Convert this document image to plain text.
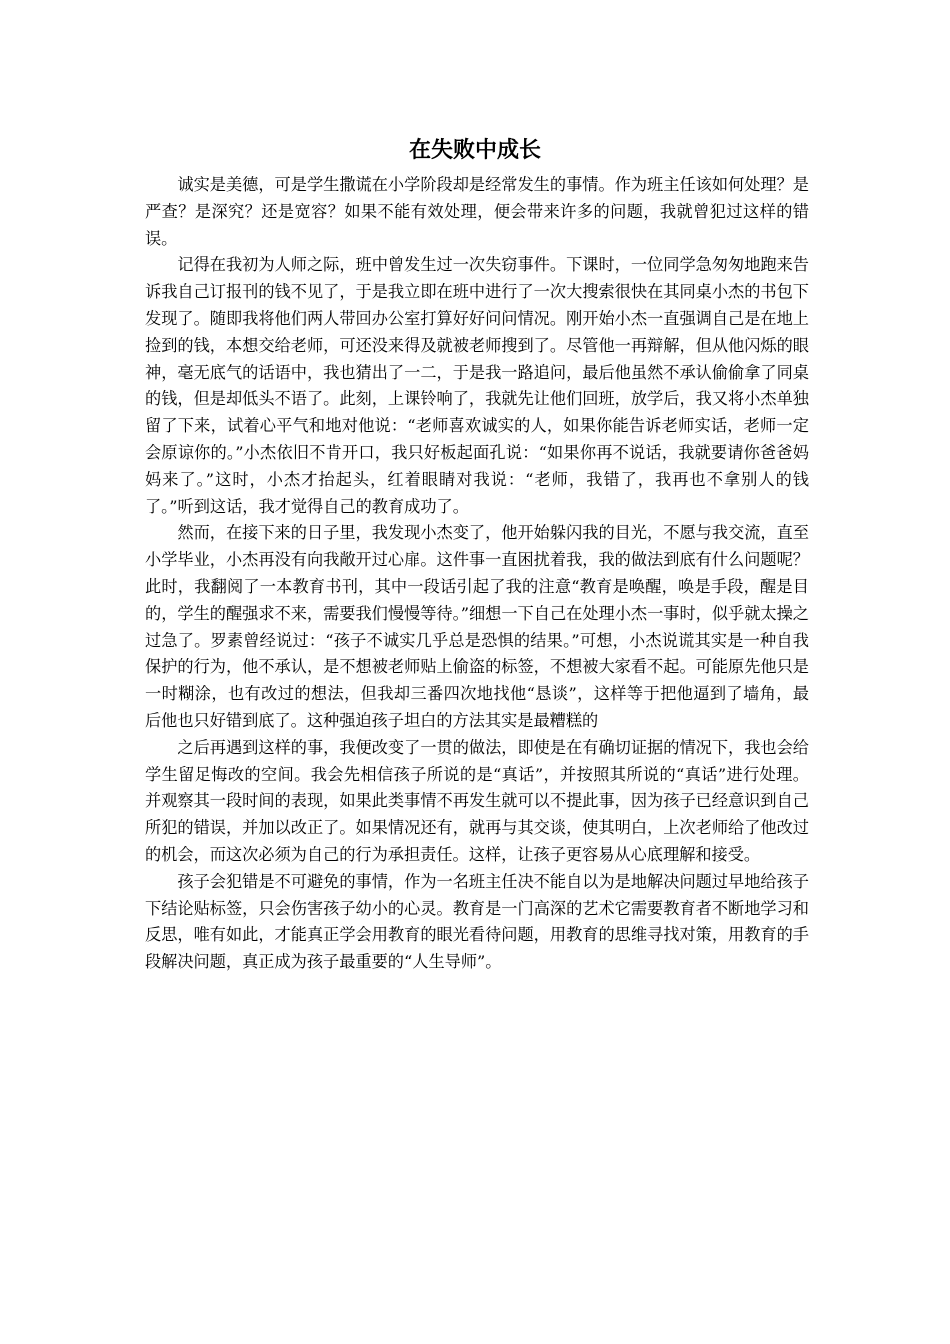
在失败中成长

诚实是美德，可是学生撒谎在小学阶段却是经常发生的事情。作为班主任该如何处理？是严查？是深究？还是宽容？如果不能有效处理，便会带来许多的问题，我就曾犯过这样的错误。

记得在我初为人师之际，班中曾发生过一次失窃事件。下课时，一位同学急匆匆地跑来告诉我自己订报刊的钱不见了，于是我立即在班中进行了一次大搜索很快在其同桌小杰的书包下发现了。随即我将他们两人带回办公室打算好好问问情况。刚开始小杰一直强调自己是在地上捡到的钱，本想交给老师，可还没来得及就被老师搜到了。尽管他一再辩解，但从他闪烁的眼神，毫无底气的话语中，我也猜出了一二，于是我一路追问，最后他虽然不承认偷偷拿了同桌的钱，但是却低头不语了。此刻，上课铃响了，我就先让他们回班，放学后，我又将小杰单独留了下来，试着心平气和地对他说：“老师喜欢诚实的人，如果你能告诉老师实话，老师一定会原谅你的。”小杰依旧不肯开口，我只好板起面孔说：“如果你再不说话，我就要请你爸爸妈妈来了。”这时，小杰才抬起头，红着眼睛对我说：“老师，我错了，我再也不拿别人的钱了。”听到这话，我才觉得自己的教育成功了。

然而，在接下来的日子里，我发现小杰变了，他开始躲闪我的目光，不愿与我交流，直至小学毕业，小杰再没有向我敞开过心扉。这件事一直困扰着我，我的做法到底有什么问题呢？此时，我翻阅了一本教育书刊，其中一段话引起了我的注意“教育是唤醒，唤是手段，醒是目的，学生的醒强求不来，需要我们慢慢等待。”细想一下自己在处理小杰一事时，似乎就太操之过急了。罗素曾经说过：“孩子不诚实几乎总是恐惧的结果。”可想，小杰说谎其实是一种自我保护的行为，他不承认，是不想被老师贴上偷盗的标签，不想被大家看不起。可能原先他只是一时糊涂，也有改过的想法，但我却三番四次地找他“恳谈”，这样等于把他逼到了墙角，最后他也只好错到底了。这种强迫孩子坦白的方法其实是最糟糕的

之后再遇到这样的事，我便改变了一贯的做法，即使是在有确切证据的情况下，我也会给学生留足悔改的空间。我会先相信孩子所说的是“真话”，并按照其所说的“真话”进行处理。并观察其一段时间的表现，如果此类事情不再发生就可以不提此事，因为孩子已经意识到自己所犯的错误，并加以改正了。如果情况还有，就再与其交谈，使其明白，上次老师给了他改过的机会，而这次必须为自己的行为承担责任。这样，让孩子更容易从心底理解和接受。

孩子会犯错是不可避免的事情，作为一名班主任决不能自以为是地解决问题过早地给孩子下结论贴标签，只会伤害孩子幼小的心灵。教育是一门高深的艺术它需要教育者不断地学习和反思，唯有如此，才能真正学会用教育的眼光看待问题，用教育的思维寻找对策，用教育的手段解决问题，真正成为孩子最重要的“人生导师”。
